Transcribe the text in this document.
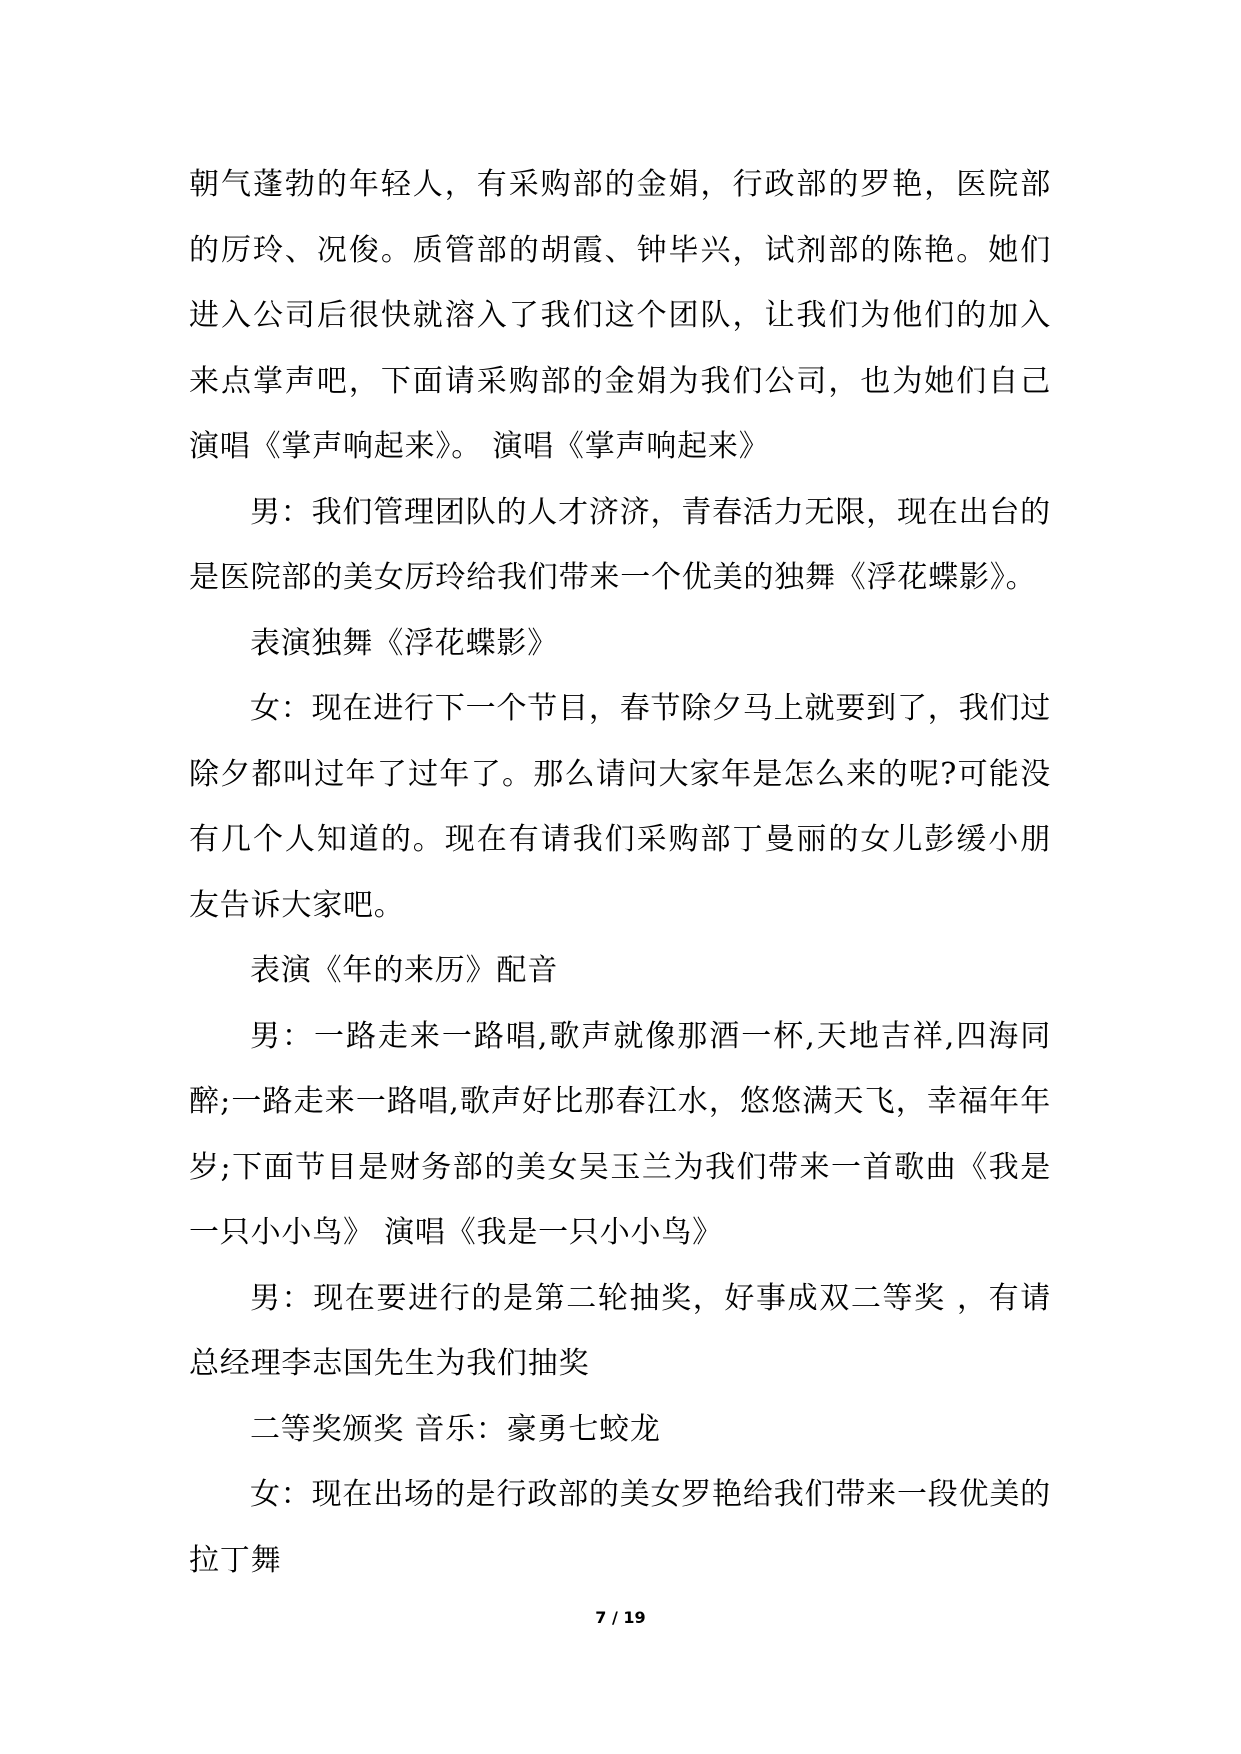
朝气蓬勃的年轻人，有采购部的金娟，行政部的罗艳，医院部的厉玲、况俊。质管部的胡霞、钟毕兴，试剂部的陈艳。她们进入公司后很快就溶入了我们这个团队，让我们为他们的加入来点掌声吧，下面请采购部的金娟为我们公司，也为她们自己演唱《掌声响起来》。 演唱《掌声响起来》

男：我们管理团队的人才济济，青春活力无限，现在出台的是医院部的美女厉玲给我们带来一个优美的独舞《浮花蝶影》。

表演独舞《浮花蝶影》

女：现在进行下一个节目，春节除夕马上就要到了，我们过除夕都叫过年了过年了。那么请问大家年是怎么来的呢?可能没有几个人知道的。现在有请我们采购部丁曼丽的女儿彭缓小朋友告诉大家吧。

表演《年的来历》配音

男：一路走来一路唱,歌声就像那酒一杯,天地吉祥,四海同醉;一路走来一路唱,歌声好比那春江水，悠悠满天飞，幸福年年岁;下面节目是财务部的美女吴玉兰为我们带来一首歌曲《我是一只小小鸟》 演唱《我是一只小小鸟》

男：现在要进行的是第二轮抽奖，好事成双二等奖 ，有请总经理李志国先生为我们抽奖

二等奖颁奖 音乐：豪勇七蛟龙

女：现在出场的是行政部的美女罗艳给我们带来一段优美的拉丁舞

7 / 19
